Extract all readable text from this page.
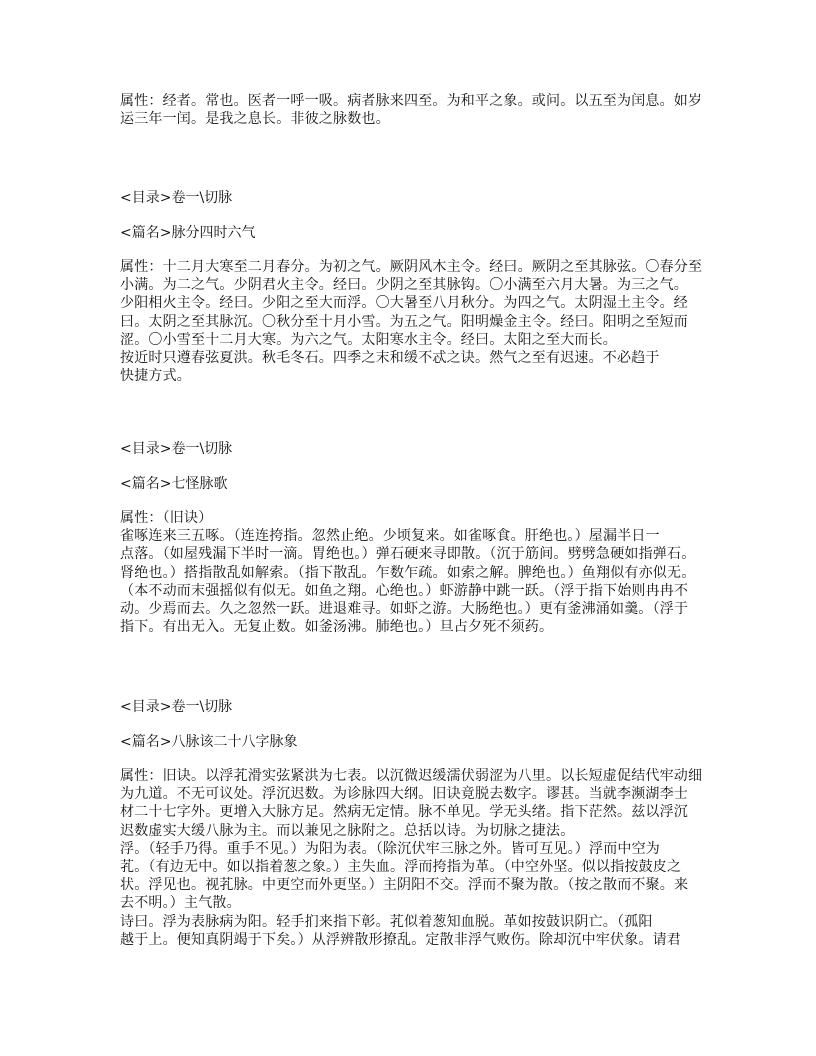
属性：经者。常也。医者一呼一吸。病者脉来四至。为和平之象。或问。以五至为闰息。如岁
运三年一闰。是我之息长。非彼之脉数也。
<目录>卷一\切脉
<篇名>脉分四时六气
属性：十二月大寒至二月春分。为初之气。厥阴风木主令。经曰。厥阴之至其脉弦。〇春分至
小满。为二之气。少阴君火主令。经曰。少阴之至其脉钩。〇小满至六月大暑。为三之气。
少阳相火主令。经曰。少阳之至大而浮。〇大暑至八月秋分。为四之气。太阴湿土主令。经
曰。太阴之至其脉沉。〇秋分至十月小雪。为五之气。阳明燥金主令。经曰。阳明之至短而
涩。〇小雪至十二月大寒。为六之气。太阳寒水主令。经曰。太阳之至大而长。
按近时只遵春弦夏洪。秋毛冬石。四季之末和缓不忒之诀。然气之至有迟速。不必趋于
快捷方式。
<目录>卷一\切脉
<篇名>七怪脉歌
属性：（旧诀）
雀啄连来三五啄。（连连挎指。忽然止绝。少顷复来。如雀啄食。肝绝也。）屋漏半日一
点落。（如屋残漏下半时一滴。胃绝也。）弹石硬来寻即散。（沉于筋间。劈劈急硬如指弹石。
肾绝也。）搭指散乱如解索。（指下散乱。乍数乍疏。如索之解。脾绝也。）鱼翔似有亦似无。
（本不动而末强摇似有似无。如鱼之翔。心绝也。）虾游静中跳一跃。（浮于指下始则冉冉不
动。少焉而去。久之忽然一跃。进退难寻。如虾之游。大肠绝也。）更有釜沸涌如羹。（浮于
指下。有出无入。无复止数。如釜汤沸。肺绝也。）旦占夕死不须药。
<目录>卷一\切脉
<篇名>八脉该二十八字脉象
属性：旧诀。以浮芤滑实弦紧洪为七表。以沉微迟缓濡伏弱涩为八里。以长短虚促结代牢动细
为九道。不无可议处。浮沉迟数。为诊脉四大纲。旧诀竟脱去数字。谬甚。当就李濒湖李士
材二十七字外。更增入大脉方足。然病无定情。脉不单见。学无头绪。指下茫然。兹以浮沉
迟数虚实大缓八脉为主。而以兼见之脉附之。总括以诗。为切脉之捷法。
浮。（轻手乃得。重手不见。）为阳为表。（除沉伏牢三脉之外。皆可互见。）浮而中空为
芤。（有边无中。如以指着葱之象。）主失血。浮而挎指为革。（中空外坚。似以指按鼓皮之
状。浮见也。视芤脉。中更空而外更坚。）主阴阳不交。浮而不聚为散。（按之散而不聚。来
去不明。）主气散。
诗曰。浮为表脉病为阳。轻手扪来指下彰。芤似着葱知血脱。革如按鼓识阴亡。（孤阳
越于上。便知真阴竭于下矣。）从浮辨散形撩乱。定散非浮气败伤。除却沉中牢伏象。请君
